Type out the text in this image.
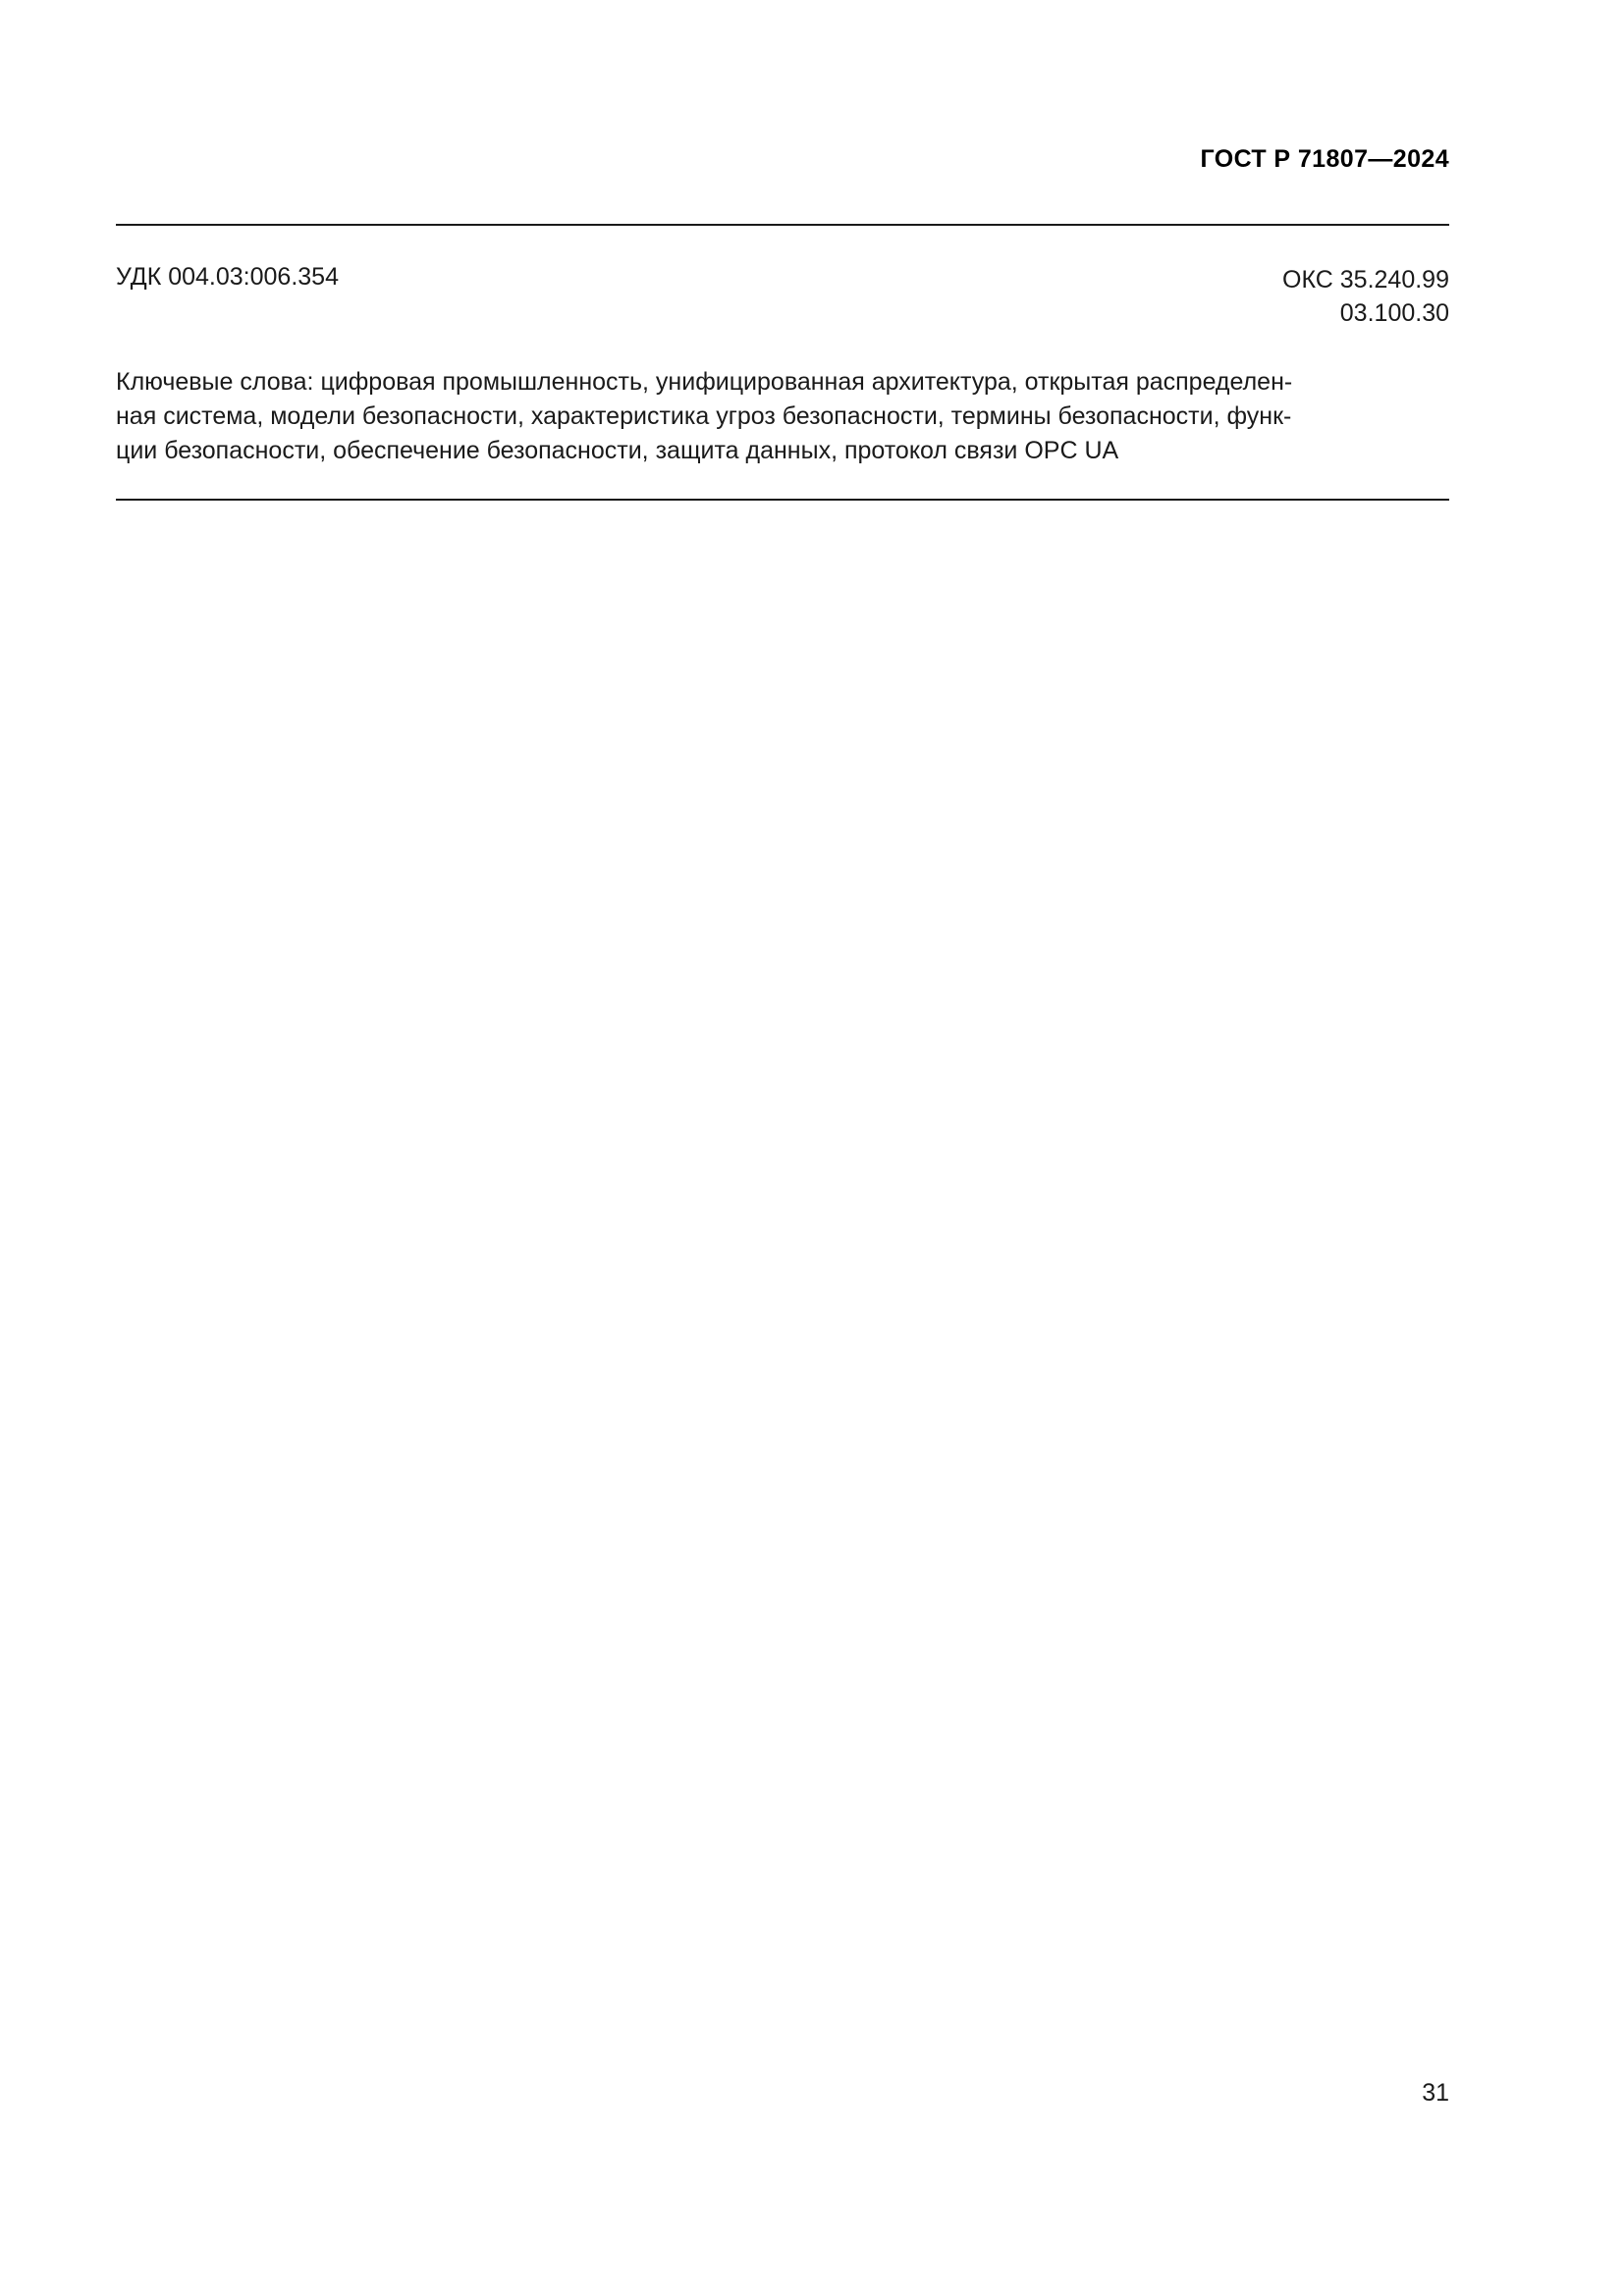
ГОСТ Р 71807—2024
УДК 004.03:006.354	ОКС 35.240.99
03.100.30
Ключевые слова: цифровая промышленность, унифицированная архитектура, открытая распределен-
ная система, модели безопасности, характеристика угроз безопасности, термины безопасности, функ-
ции безопасности, обеспечение безопасности, защита данных, протокол связи OPC UA
31
